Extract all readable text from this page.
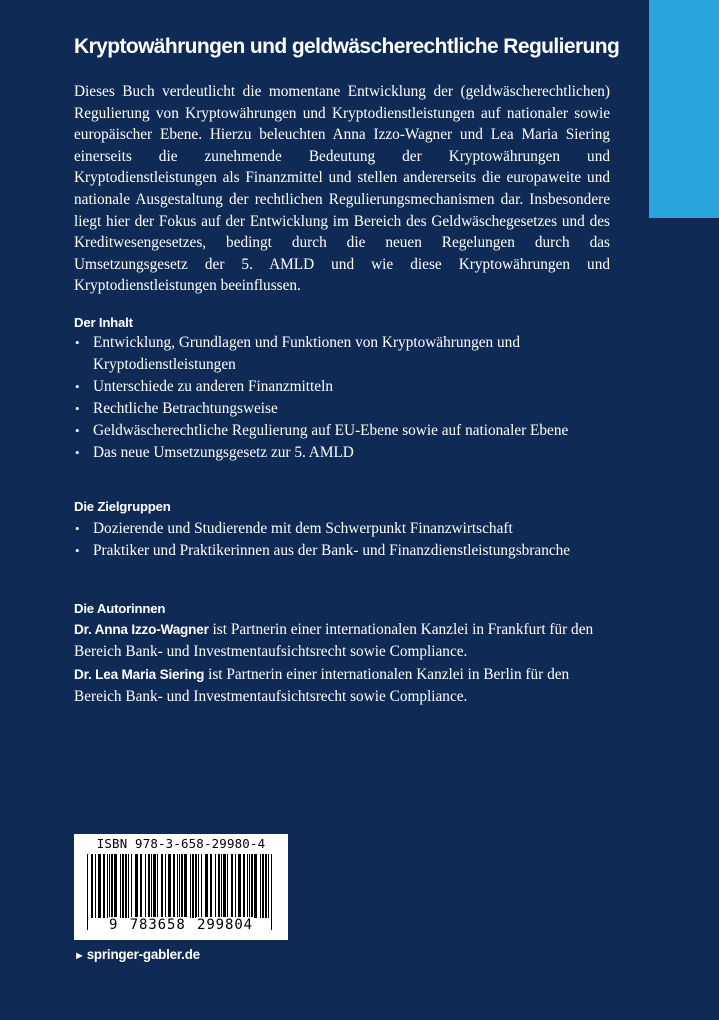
Kryptowährungen und geldwäscherechtliche Regulierung

Dieses Buch verdeutlicht die momentane Entwicklung der (geldwäscherechtlichen) Regulierung von Kryptowährungen und Kryptodienstleistungen auf nationaler sowie europäischer Ebene. Hierzu beleuchten Anna Izzo-Wagner und Lea Maria Siering einerseits die zunehmende Bedeutung der Kryptowährungen und Kryptodienstleistungen als Finanzmittel und stellen andererseits die europaweite und nationale Ausgestaltung der rechtlichen Regulierungsmechanismen dar. Insbesondere liegt hier der Fokus auf der Entwicklung im Bereich des Geldwäschegesetzes und des Kreditwesengesetzes, bedingt durch die neuen Regelungen durch das Umsetzungsgesetz der 5. AMLD und wie diese Kryptowährungen und Kryptodienstleistungen beeinflussen.

Der Inhalt
• Entwicklung, Grundlagen und Funktionen von Kryptowährungen und Kryptodienstleistungen
• Unterschiede zu anderen Finanzmitteln
• Rechtliche Betrachtungsweise
• Geldwäscherechtliche Regulierung auf EU-Ebene sowie auf nationaler Ebene
• Das neue Umsetzungsgesetz zur 5. AMLD
Die Zielgruppen
• Dozierende und Studierende mit dem Schwerpunkt Finanzwirtschaft
• Praktiker und Praktikerinnen aus der Bank- und Finanzdienstleistungsbranche
Die Autorinnen

Dr. Anna Izzo-Wagner ist Partnerin einer internationalen Kanzlei in Frankfurt für den Bereich Bank- und Investmentaufsichtsrecht sowie Compliance.

Dr. Lea Maria Siering ist Partnerin einer internationalen Kanzlei in Berlin für den Bereich Bank- und Investmentaufsichtsrecht sowie Compliance.

ISBN 978-3-658-29980-4
9  783658  299804

► springer-gabler.de
